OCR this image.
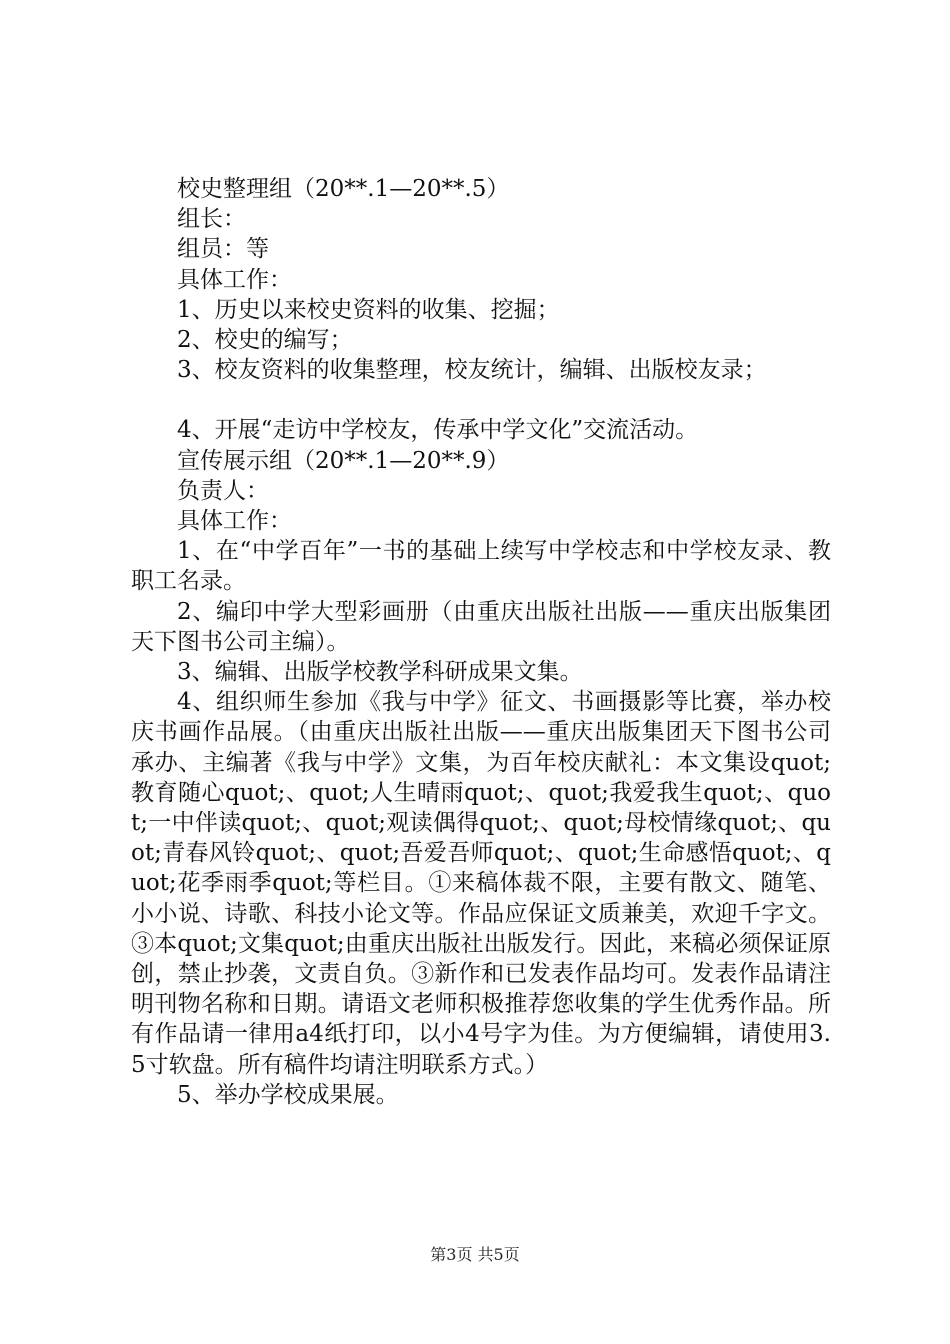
校史整理组（20**.1—20**.5）
组长：
组员：等
具体工作：
1、历史以来校史资料的收集、挖掘；
2、校史的编写；
3、校友资料的收集整理，校友统计，编辑、出版校友录；
4、开展“走访中学校友，传承中学文化”交流活动。
宣传展示组（20**.1—20**.9）
负责人：
具体工作：
1、在“中学百年”一书的基础上续写中学校志和中学校友录、教职工名录。
2、编印中学大型彩画册（由重庆出版社出版——重庆出版集团天下图书公司主编）。
3、编辑、出版学校教学科研成果文集。
4、组织师生参加《我与中学》征文、书画摄影等比赛，举办校庆书画作品展。（由重庆出版社出版——重庆出版集团天下图书公司承办、主编著《我与中学》文集，为百年校庆献礼：本文集设quot;教育随心quot;、quot;人生晴雨quot;、quot;我爱我生quot;、quot;一中伴读quot;、quot;观读偶得quot;、quot;母校情缘quot;、quot;青春风铃quot;、quot;吾爱吾师quot;、quot;生命感悟quot;、quot;花季雨季quot;等栏目。①来稿体裁不限，主要有散文、随笔、小小说、诗歌、科技小论文等。作品应保证文质兼美，欢迎千字文。③本quot;文集quot;由重庆出版社出版发行。因此，来稿必须保证原创，禁止抄袭，文责自负。③新作和已发表作品均可。发表作品请注明刊物名称和日期。请语文老师积极推荐您收集的学生优秀作品。所有作品请一律用a4纸打印，以小4号字为佳。为方便编辑，请使用3.5寸软盘。所有稿件均请注明联系方式。）
5、举办学校成果展。
第3页 共5页
